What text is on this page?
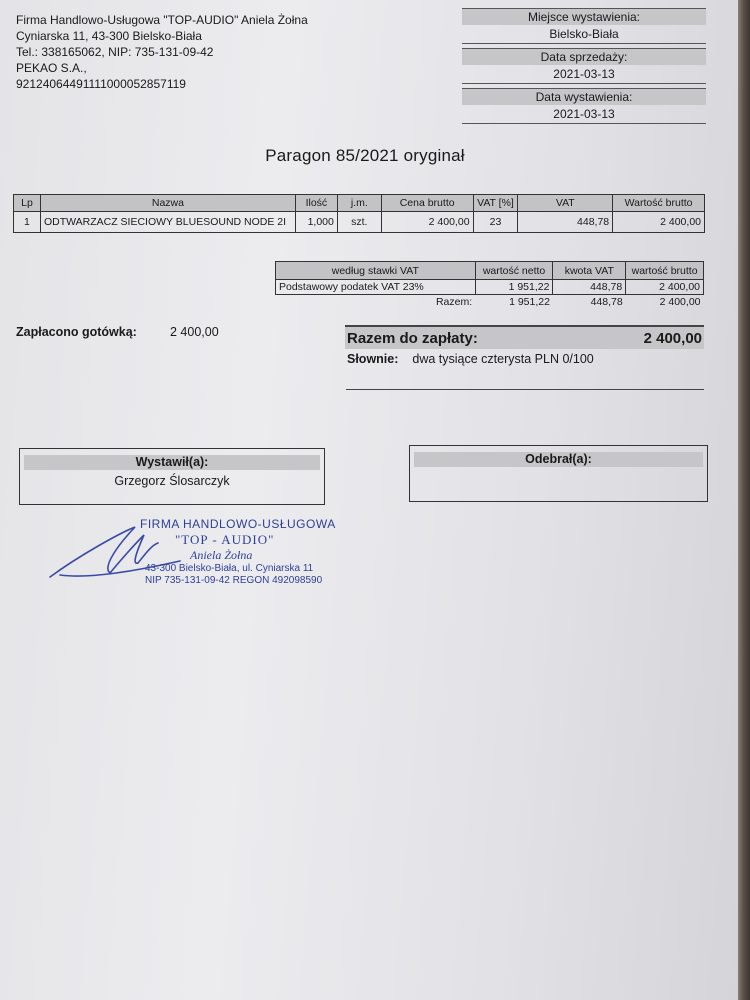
Firma Handlowo-Usługowa "TOP-AUDIO" Aniela Żołna
Cyniarska 11, 43-300 Bielsko-Biała
Tel.: 338165062, NIP: 735-131-09-42
PEKAO S.A.,
92124064491111000052857119
Miejsce wystawienia:
Bielsko-Biała
Data sprzedaży:
2021-03-13
Data wystawienia:
2021-03-13
Paragon 85/2021 oryginał
Lp	Nazwa	Ilość	j.m.	Cena brutto	VAT [%]	VAT	Wartość brutto
1	ODTWARZACZ SIECIOWY BLUESOUND NODE 2I	1,000	szt.	2 400,00	23	448,78	2 400,00
według stawki VAT	wartość netto	kwota VAT	wartość brutto
Podstawowy podatek VAT 23%	1 951,22	448,78	2 400,00
Razem:	1 951,22	448,78	2 400,00
Zapłacono gotówką:	2 400,00	Razem do zapłaty:	2 400,00
Słownie: dwa tysiące czterysta PLN 0/100
Wystawił(a):
Grzegorz Ślosarczyk
Odebrał(a):
FIRMA HANDLOWO-USŁUGOWA
"TOP - AUDIO"
Aniela Żołna
43-300 Bielsko-Biała, ul. Cyniarska 11
NIP 735-131-09-42 REGON 492098590
